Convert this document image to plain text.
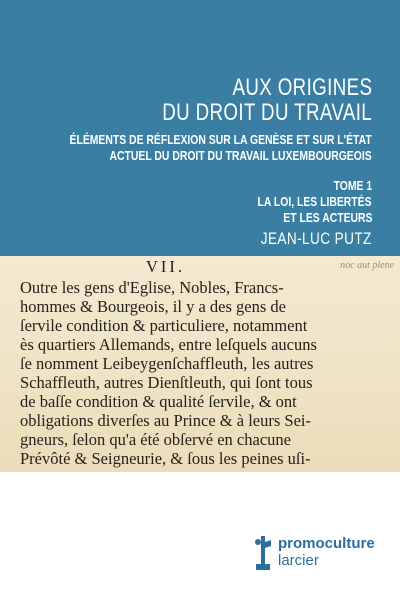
AUX ORIGINES
DU DROIT DU TRAVAIL
ÉLÉMENTS DE RÉFLEXION SUR LA GENÈSE ET SUR L'ÉTAT
ACTUEL DU DROIT DU TRAVAIL LUXEMBOURGEOIS
TOME 1
LA LOI, LES LIBERTÉS
ET LES ACTEURS
JEAN-LUC PUTZ
noc aut plene
VII.
Outre les gens d'Eglise, Nobles, Francs-
hommes & Bourgeois, il y a des gens de
ſervile condition & particuliere, notamment
ès quartiers Allemands, entre leſquels aucuns
ſe nomment Leibeygenſchaffleuth, les autres
Schaffleuth, autres Dienſtleuth, qui ſont tous
de baſſe condition & qualité ſervile, & ont
obligations diverſes au Prince & à leurs Sei-
gneurs, ſelon qu'a été obſervé en chacune
Prévôté & Seigneurie, & ſous les peines uſi-
promoculture
larcier
